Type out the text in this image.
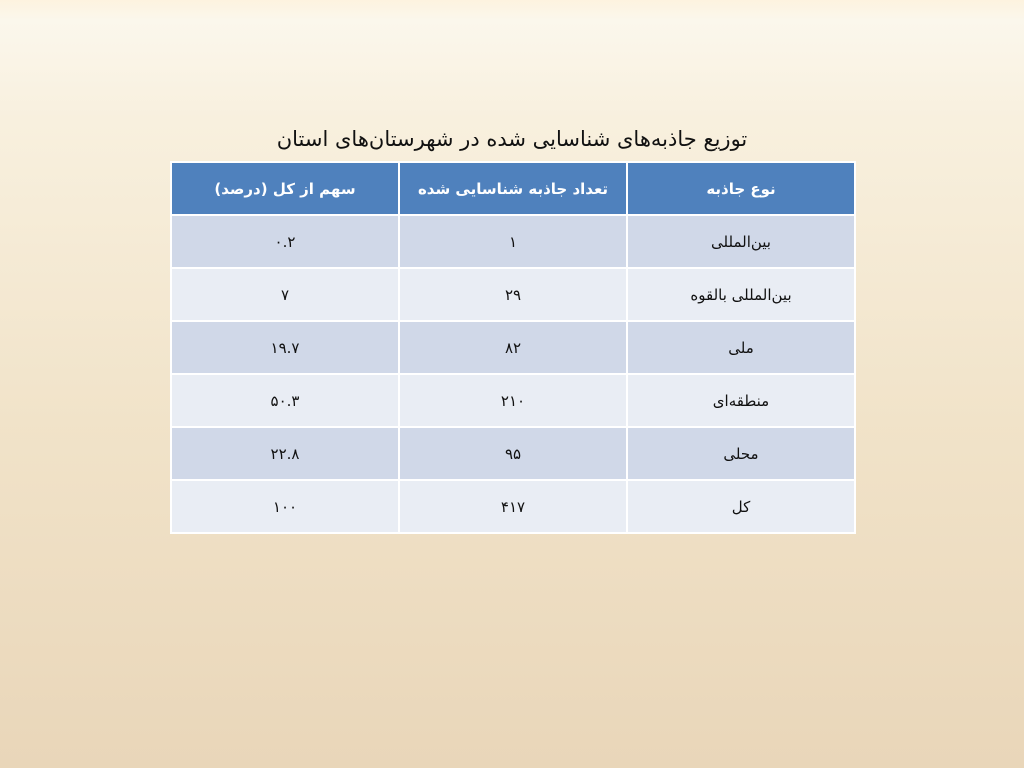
توزیع جاذبه‌های شناسایی شده در شهرستان‌های استان
نوع جاذبه	تعداد جاذبه شناسایی شده	سهم از کل (درصد)
بین‌المللی	۱	۰.۲
بین‌المللی بالقوه	۲۹	۷
ملی	۸۲	۱۹.۷
منطقه‌ای	۲۱۰	۵۰.۳
محلی	۹۵	۲۲.۸
کل	۴۱۷	۱۰۰
